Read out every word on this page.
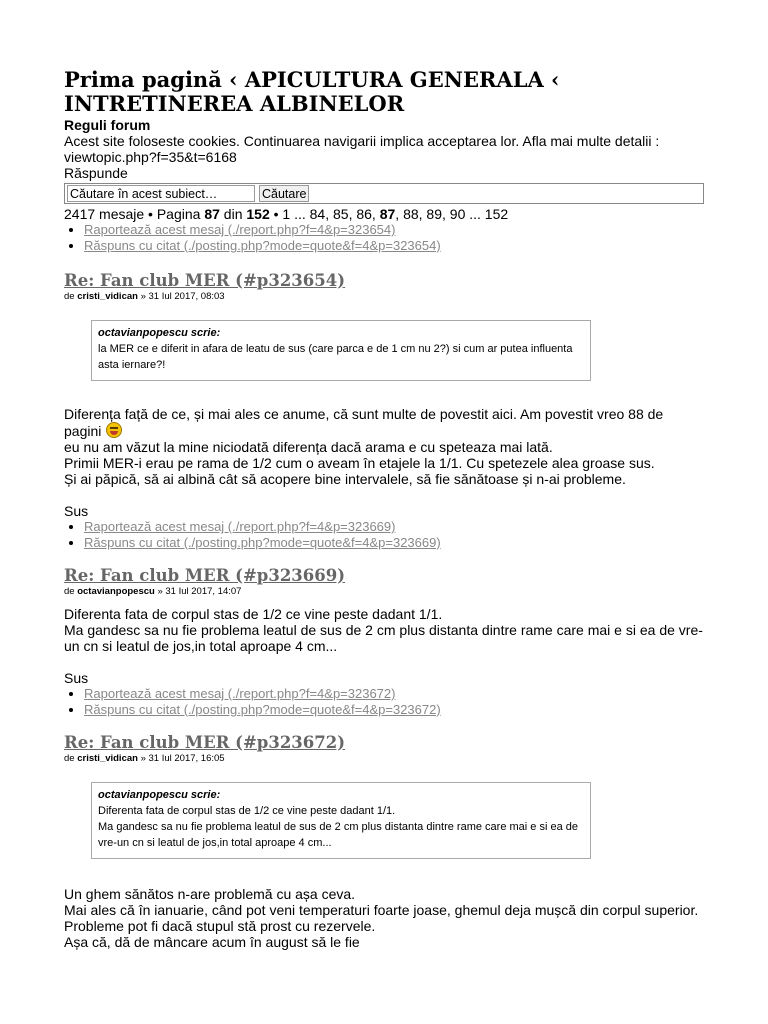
Prima pagină ‹ APICULTURA GENERALA ‹ INTRETINEREA ALBINELOR
Reguli forum
Acest site foloseste cookies. Continuarea navigarii implica acceptarea lor. Afla mai multe detalii : viewtopic.php?f=35&t=6168
Răspunde
Căutare în acest subiect…
Căutare
2417 mesaje • Pagina 87 din 152 • 1 ... 84, 85, 86, 87, 88, 89, 90 ... 152
• Raportează acest mesaj (./report.php?f=4&p=323654)
• Răspuns cu citat (./posting.php?mode=quote&f=4&p=323654)
Re: Fan club MER (#p323654)
de cristi_vidican » 31 Iul 2017, 08:03
octavianpopescu scrie:
la MER ce e diferit in afara de leatu de sus (care parca e de 1 cm nu 2?) si cum ar putea influenta asta iernare?!
Diferența față de ce, și mai ales ce anume, că sunt multe de povestit aici. Am povestit vreo 88 de pagini
eu nu am văzut la mine niciodată diferența dacă arama e cu speteaza mai lată.
Primii MER-i erau pe rama de 1/2 cum o aveam în etajele la 1/1. Cu spetezele alea groase sus.
Și ai păpică, să ai albină cât să acopere bine intervalele, să fie sănătoase și n-ai probleme.
Sus
• Raportează acest mesaj (./report.php?f=4&p=323669)
• Răspuns cu citat (./posting.php?mode=quote&f=4&p=323669)
Re: Fan club MER (#p323669)
de octavianpopescu » 31 Iul 2017, 14:07
Diferenta fata de corpul stas de 1/2 ce vine peste dadant 1/1.
Ma gandesc sa nu fie problema leatul de sus de 2 cm plus distanta dintre rame care mai e si ea de vre-un cn si leatul de jos,in total aproape 4 cm...
Sus
• Raportează acest mesaj (./report.php?f=4&p=323672)
• Răspuns cu citat (./posting.php?mode=quote&f=4&p=323672)
Re: Fan club MER (#p323672)
de cristi_vidican » 31 Iul 2017, 16:05
octavianpopescu scrie:
Diferenta fata de corpul stas de 1/2 ce vine peste dadant 1/1.
Ma gandesc sa nu fie problema leatul de sus de 2 cm plus distanta dintre rame care mai e si ea de vre-un cn si leatul de jos,in total aproape 4 cm...
Un ghem sănătos n-are problemă cu așa ceva.
Mai ales că în ianuarie, când pot veni temperaturi foarte joase, ghemul deja mușcă din corpul superior.
Probleme pot fi dacă stupul stă prost cu rezervele.
Așa că, dă de mâncare acum în august să le fie
